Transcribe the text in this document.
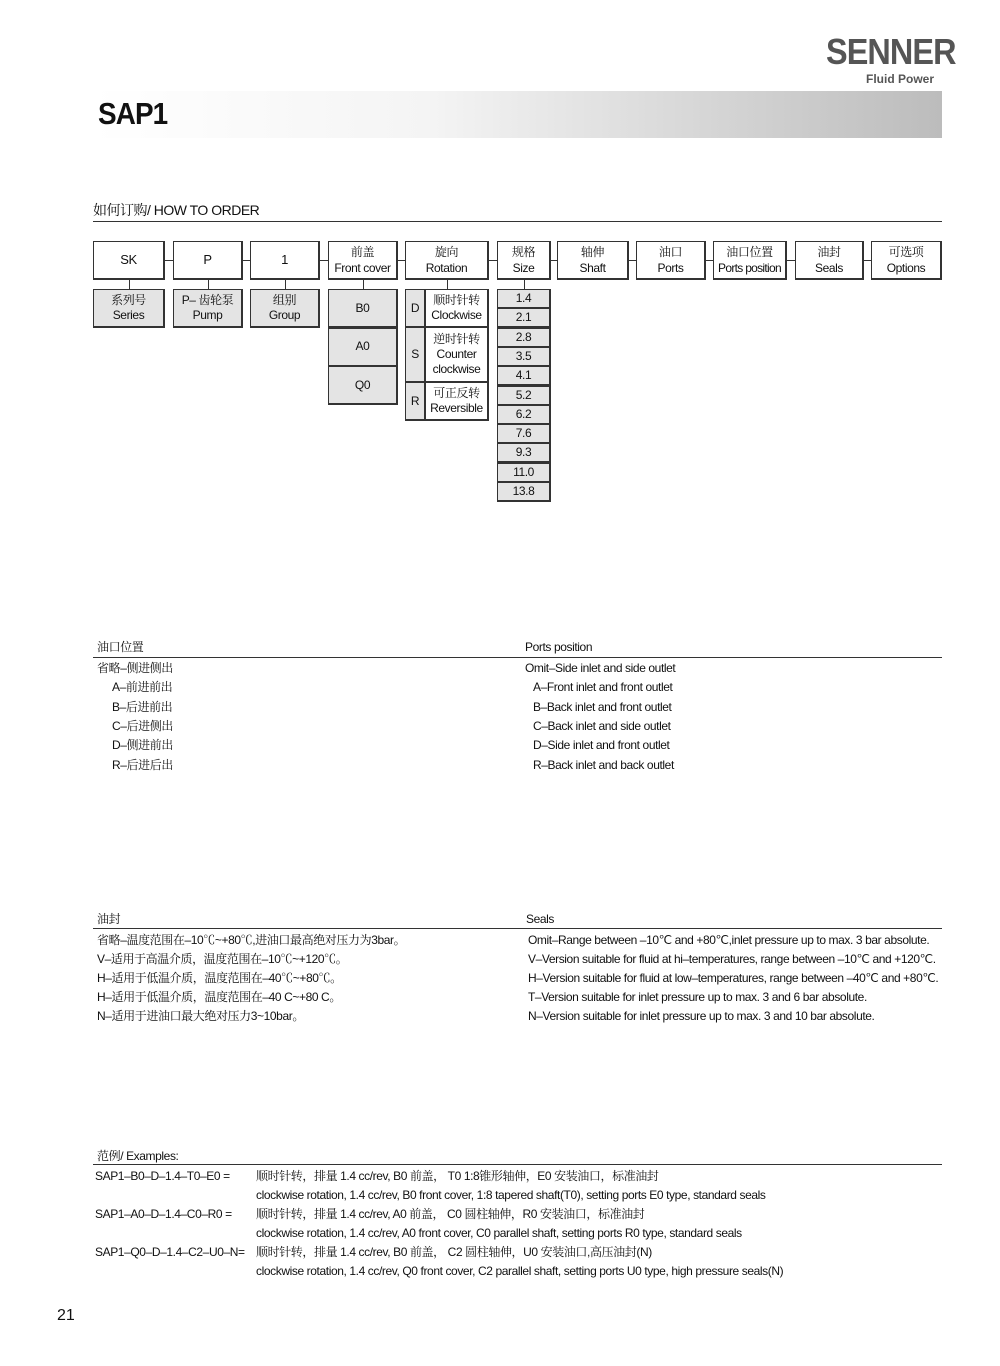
SENNER
Fluid Power
SAP1
如何订购/ HOW TO ORDER
SK	P	1	前盖
Front cover
旋向
Rotation
规格
Size
轴伸
Shaft
油口
Ports
油口位置
Ports position
油封
Seals
可选项
Options
系列号
Series
P– 齿轮泵
Pump
组别
Group
B0
A0
Q0
D
顺时针转
Clockwise
S
逆时针转
Counter clockwise
R
可正反转
Reversible
1.4
2.1
2.8
3.5
4.1
5.2
6.2
7.6
9.3
11.0
13.8
油口位置	Ports position
省略–侧进侧出	Omit–Side inlet and side outlet
A–前进前出	A–Front inlet and front outlet
B–后进前出	B–Back inlet and front outlet
C–后进侧出	C–Back inlet and side outlet
D–侧进前出	D–Side inlet and front outlet
R–后进后出	R–Back inlet and back outlet
油封	Seals
省略–温度范围在–10℃~+80℃,进油口最高绝对压力为3bar。	Omit–Range between –10℃ and +80℃,inlet pressure up to max. 3 bar absolute.
V–适用于高温介质，温度范围在–10℃~+120℃。	V–Version suitable for fluid at hi–temperatures, range between –10℃ and +120℃.
H–适用于低温介质，温度范围在–40℃~+80℃。	H–Version suitable for fluid at low–temperatures, range between –40℃ and +80℃.
H–适用于低温介质，温度范围在–40 C~+80 C。	T–Version suitable for inlet pressure up to max. 3 and 6 bar absolute.
N–适用于进油口最大绝对压力3~10bar。	N–Version suitable for inlet pressure up to max. 3 and 10 bar absolute.
范例/ Examples:
SAP1–B0–D–1.4–T0–E0 = 顺时针转，排量 1.4 cc/rev, B0 前盖， T0 1:8锥形轴伸，E0 安装油口，标准油封
clockwise rotation, 1.4 cc/rev, B0 front cover, 1:8 tapered shaft(T0), setting ports E0 type, standard seals
SAP1–A0–D–1.4–C0–R0 = 顺时针转，排量 1.4 cc/rev, A0 前盖， C0 圆柱轴伸，R0 安装油口，标准油封
clockwise rotation, 1.4 cc/rev, A0 front cover, C0 parallel shaft, setting ports R0 type, standard seals
SAP1–Q0–D–1.4–C2–U0–N= 顺时针转，排量 1.4 cc/rev, B0 前盖， C2 圆柱轴伸，U0 安装油口,高压油封(N)
clockwise rotation, 1.4 cc/rev, Q0 front cover, C2 parallel shaft, setting ports U0 type, high pressure seals(N)
21
